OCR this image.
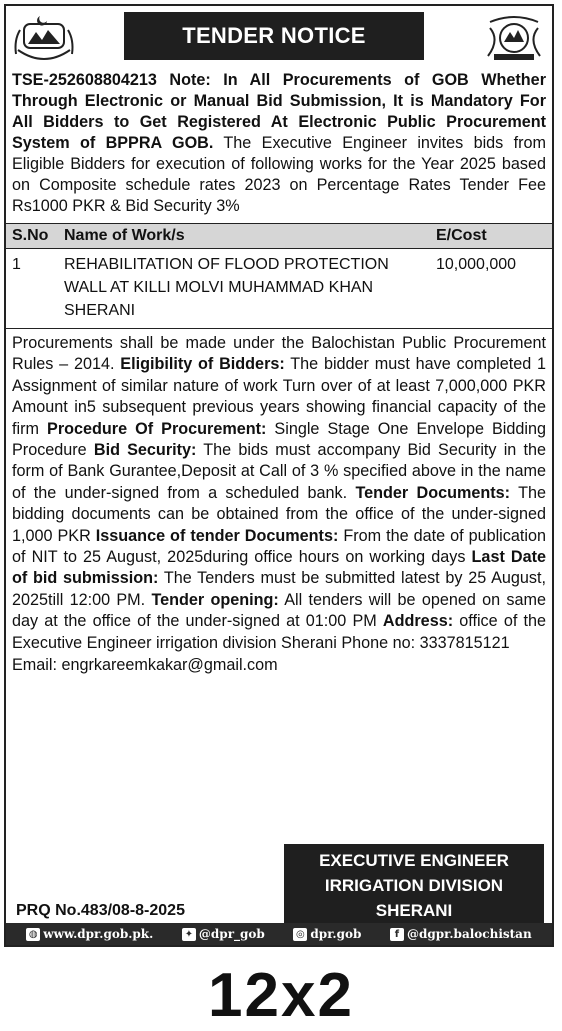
TENDER NOTICE
TSE-252608804213 Note: In All Procurements of GOB Whether Through Electronic or Manual Bid Submission, It is Mandatory For All Bidders to Get Registered At Electronic Public Procurement System of BPPRA GOB. The Executive Engineer invites bids from Eligible Bidders for execution of following works for the Year 2025 based on Composite schedule rates 2023 on Percentage Rates Tender Fee Rs1000 PKR & Bid Security 3%
S.No	Name of Work/s	E/Cost
1	REHABILITATION OF FLOOD PROTECTION WALL AT KILLI MOLVI MUHAMMAD KHAN SHERANI	10,000,000
Procurements shall be made under the Balochistan Public Procurement Rules – 2014. Eligibility of Bidders: The bidder must have completed 1 Assignment of similar nature of work Turn over of at least 7,000,000 PKR Amount in5 subsequent previous years showing financial capacity of the firm Procedure Of Procurement: Single Stage One Envelope Bidding Procedure Bid Security: The bids must accompany Bid Security in the form of Bank Gurantee,Deposit at Call of 3 % specified above in the name of the under-signed from a scheduled bank. Tender Documents: The bidding documents can be obtained from the office of the under-signed 1,000 PKR Issuance of tender Documents: From the date of publication of NIT to 25 August, 2025during office hours on working days Last Date of bid submission: The Tenders must be submitted latest by 25 August, 2025till 12:00 PM. Tender opening: All tenders will be opened on same day at the office of the under-signed at 01:00 PM Address: office of the Executive Engineer irrigation division Sherani Phone no: 3337815121
Email: engrkareemkakar@gmail.com
EXECUTIVE ENGINEER
IRRIGATION DIVISION
SHERANI
PRQ No.483/08-8-2025
◍ www.dpr.gob.pk.	✦ @dpr_gob	◎ dpr.gob	f @dgpr.balochistan
12x2
